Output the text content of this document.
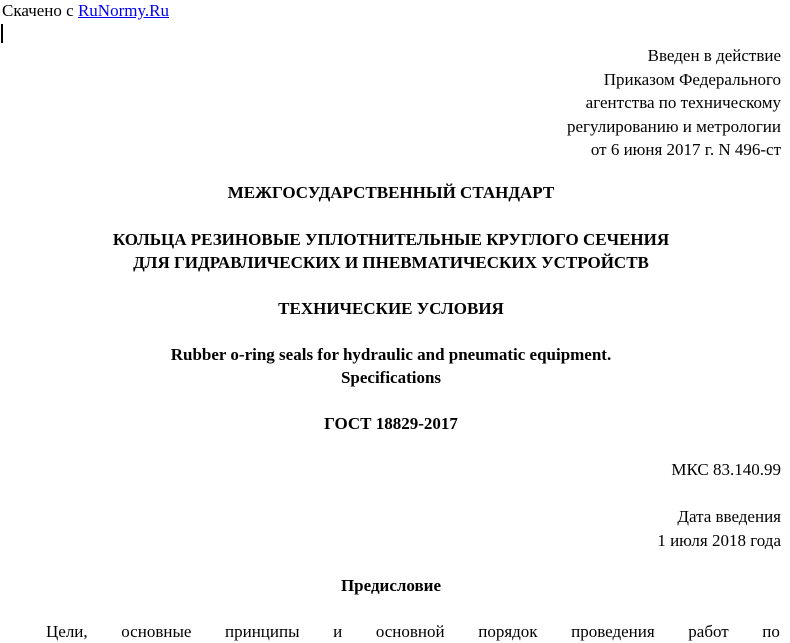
Скачено с RuNormy.Ru
Введен в действие
Приказом Федерального
агентства по техническому
регулированию и метрологии
от 6 июня 2017 г. N 496-ст
МЕЖГОСУДАРСТВЕННЫЙ СТАНДАРТ
КОЛЬЦА РЕЗИНОВЫЕ УПЛОТНИТЕЛЬНЫЕ КРУГЛОГО СЕЧЕНИЯ
ДЛЯ ГИДРАВЛИЧЕСКИХ И ПНЕВМАТИЧЕСКИХ УСТРОЙСТВ
ТЕХНИЧЕСКИЕ УСЛОВИЯ
Rubber o-ring seals for hydraulic and pneumatic equipment.
Specifications
ГОСТ 18829-2017
МКС 83.140.99
Дата введения
1 июля 2018 года
Предисловие
Цели, основные принципы и основной порядок проведения работ по
